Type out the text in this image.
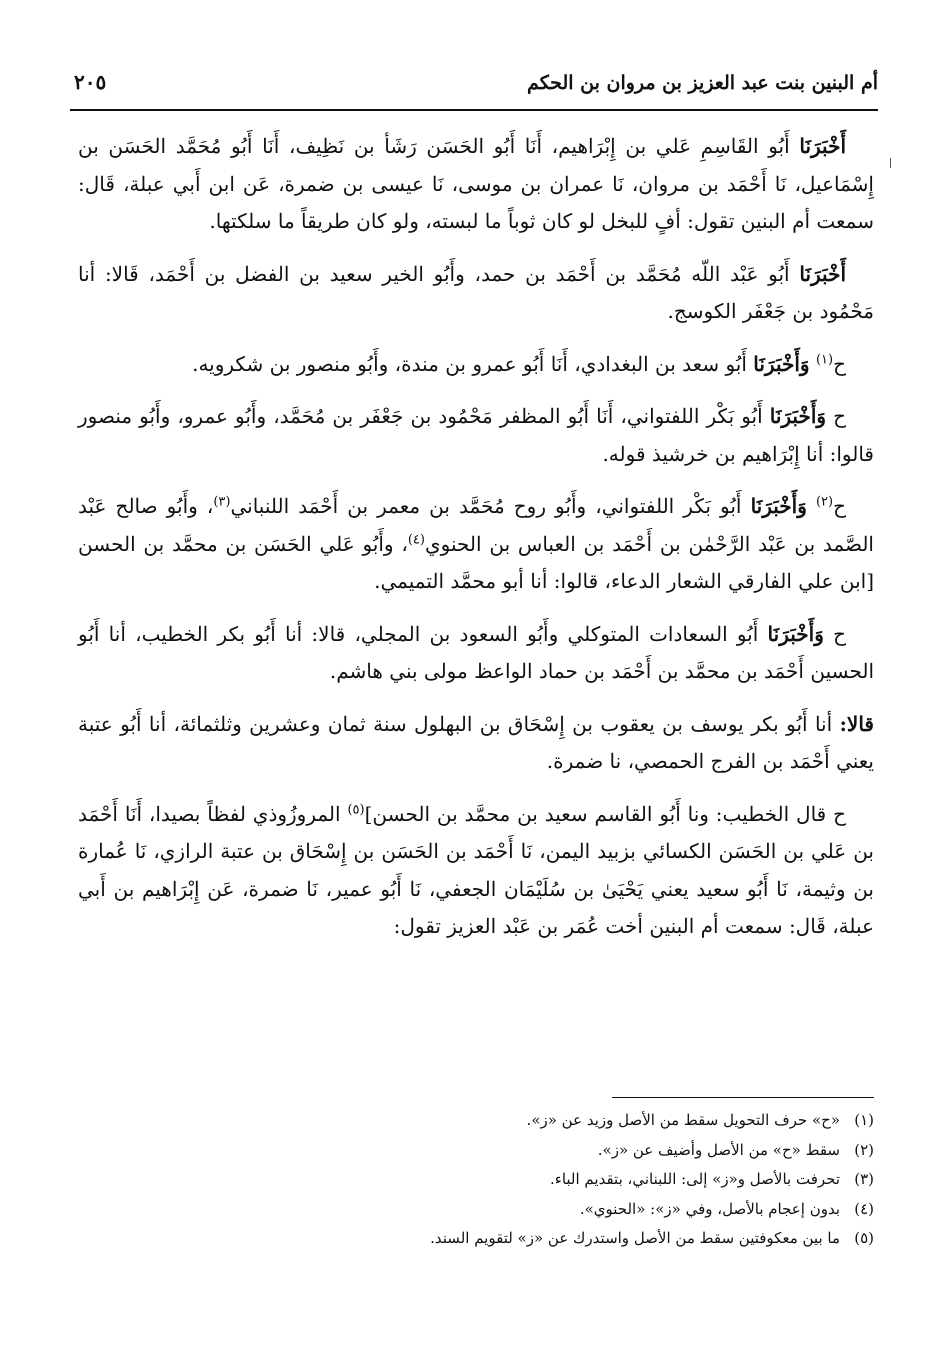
أم البنين بنت عبد العزيز بن مروان بن الحكم
٢٠٥

أَخْبَرَنَا أَبُو القَاسِمِ عَلي بن إِبْرَاهيم، أَنَا أَبُو الحَسَن رَشَأ بن نَظِيف، أَنَا أَبُو مُحَمَّد الحَسَن بن إِسْمَاعيل، نَا أَحْمَد بن مروان، نَا عمران بن موسى، نَا عيسى بن ضمرة، عَن ابن أَبي عبلة، قَال: سمعت أم البنين تقول: أفٍ للبخل لو كان ثوباً ما لبسته، ولو كان طريقاً ما سلكتها.

أَخْبَرَنَا أَبُو عَبْد اللّه مُحَمَّد بن أَحْمَد بن حمد، وأَبُو الخير سعيد بن الفضل بن أَحْمَد، قَالا: أنا مَحْمُود بن جَعْفَر الكوسج.

ح$^{(١)}$ وَأَخْبَرَنَا أَبُو سعد بن البغدادي، أَنَا أَبُو عمرو بن مندة، وأَبُو منصور بن شكرويه.

ح وَأَخْبَرَنَا أَبُو بَكْر اللفتواني، أَنَا أَبُو المظفر مَحْمُود بن جَعْفَر بن مُحَمَّد، وأَبُو عمرو، وأَبُو منصور قالوا: أنا إِبْرَاهيم بن خرشيذ قوله.

ح$^{(٢)}$ وَأَخْبَرَنَا أَبُو بَكْر اللفتواني، وأَبُو روح مُحَمَّد بن معمر بن أَحْمَد اللنباني$^{(٣)}$، وأَبُو صالح عَبْد الصَّمد بن عَبْد الرَّحْمٰن بن أَحْمَد بن العباس بن الحنوي$^{(٤)}$، وأَبُو عَلي الحَسَن بن محمَّد بن الحسن [ابن علي الفارقي الشعار الدعاء، قالوا: أنا أبو محمَّد التميمي.

ح وَأَخْبَرَنَا أَبُو السعادات المتوكلي وأَبُو السعود بن المجلي، قالا: أنا أَبُو بكر الخطيب، أنا أَبُو الحسين أَحْمَد بن محمَّد بن أَحْمَد بن حماد الواعظ مولى بني هاشم.

قالا: أنا أَبُو بكر يوسف بن يعقوب بن إِسْحَاق بن البهلول سنة ثمان وعشرين وثلثمائة، أنا أَبُو عتبة يعني أَحْمَد بن الفرج الحمصي، نا ضمرة.

ح قال الخطيب: ونا أَبُو القاسم سعيد بن محمَّد بن الحسن]$^{(٥)}$ المروزُوذي لفظاً بصيدا، أَنَا أَحْمَد بن عَلي بن الحَسَن الكسائي بزبيد اليمن، نَا أَحْمَد بن الحَسَن بن إِسْحَاق بن عتبة الرازي، نَا عُمارة بن وثيمة، نَا أَبُو سعيد يعني يَحْيَىٰ بن سُلَيْمَان الجعفي، نَا أَبُو عمير، نَا ضمرة، عَن إِبْرَاهيم بن أَبي عبلة، قَال: سمعت أم البنين أخت عُمَر بن عَبْد العزيز تقول:

(١)«ح» حرف التحويل سقط من الأصل وزيد عن «ز».
(٢)سقط «ح» من الأصل وأضيف عن «ز».
(٣)تحرفت بالأصل و«ز» إلى: اللبناني، بتقديم الباء.
(٤)بدون إعجام بالأصل، وفي «ز»: «الحنوي».
(٥)ما بين معكوفتين سقط من الأصل واستدرك عن «ز» لتقويم السند.
